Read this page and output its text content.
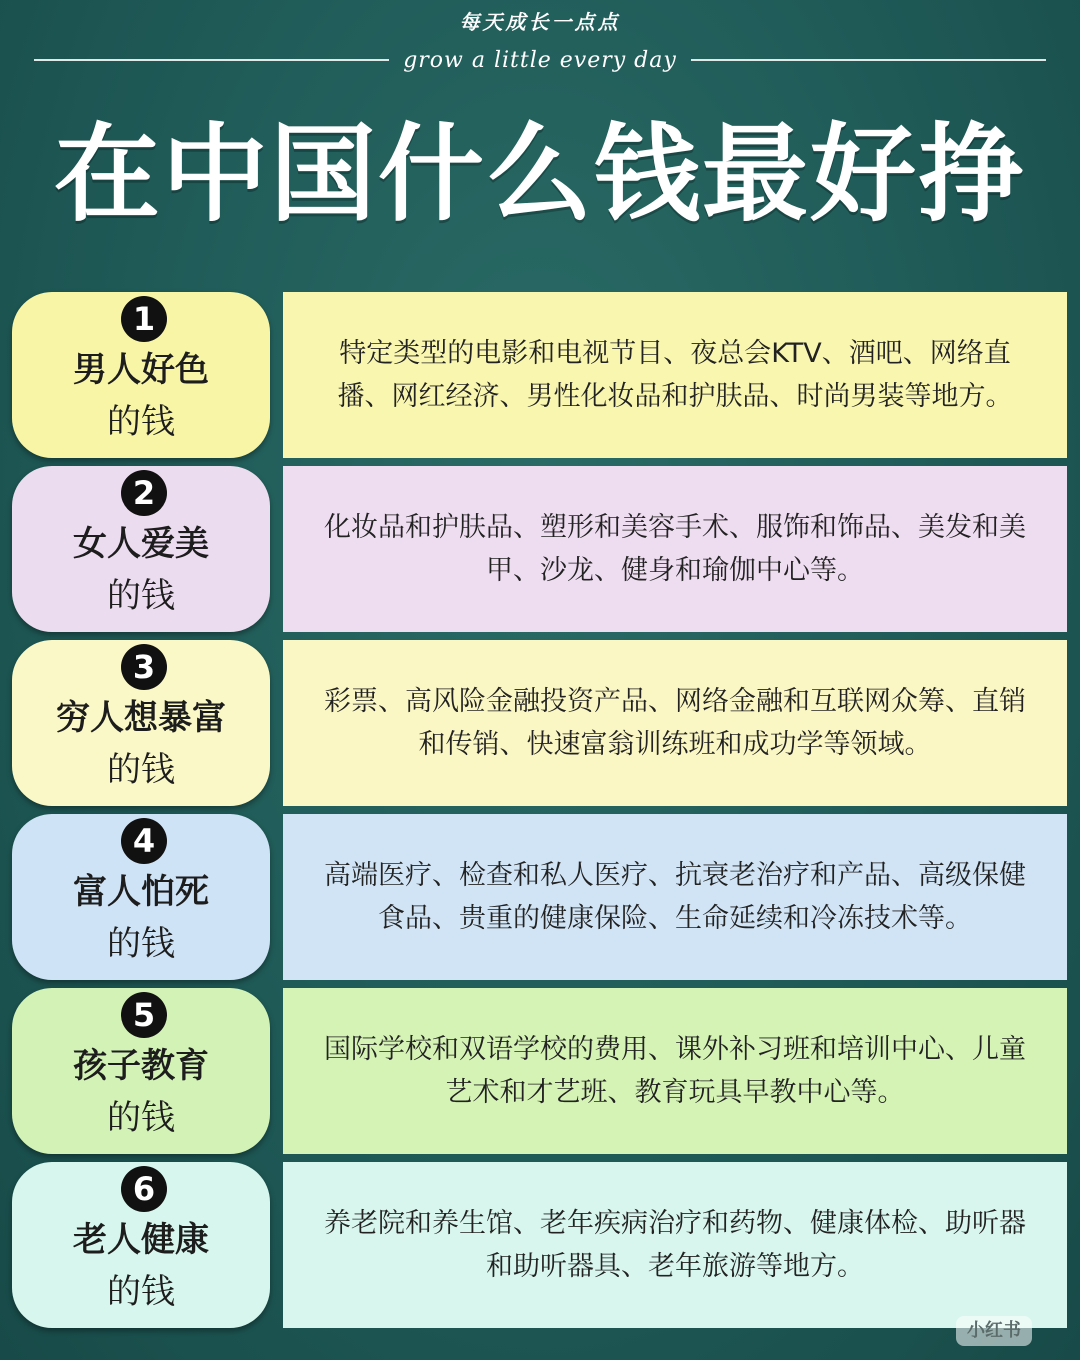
每天成长一点点
grow a little every day
在中国什么钱最好挣
1
男人好色
的钱
特定类型的电影和电视节目、夜总会KTV、酒吧、网络直播、网红经济、男性化妆品和护肤品、时尚男装等地方。
2
女人爱美
的钱
化妆品和护肤品、塑形和美容手术、服饰和饰品、美发和美甲、沙龙、健身和瑜伽中心等。
3
穷人想暴富
的钱
彩票、高风险金融投资产品、网络金融和互联网众筹、直销和传销、快速富翁训练班和成功学等领域。
4
富人怕死
的钱
高端医疗、检查和私人医疗、抗衰老治疗和产品、高级保健食品、贵重的健康保险、生命延续和冷冻技术等。
5
孩子教育
的钱
国际学校和双语学校的费用、课外补习班和培训中心、儿童艺术和才艺班、教育玩具早教中心等。
6
老人健康
的钱
养老院和养生馆、老年疾病治疗和药物、健康体检、助听器和助听器具、老年旅游等地方。
小红书
